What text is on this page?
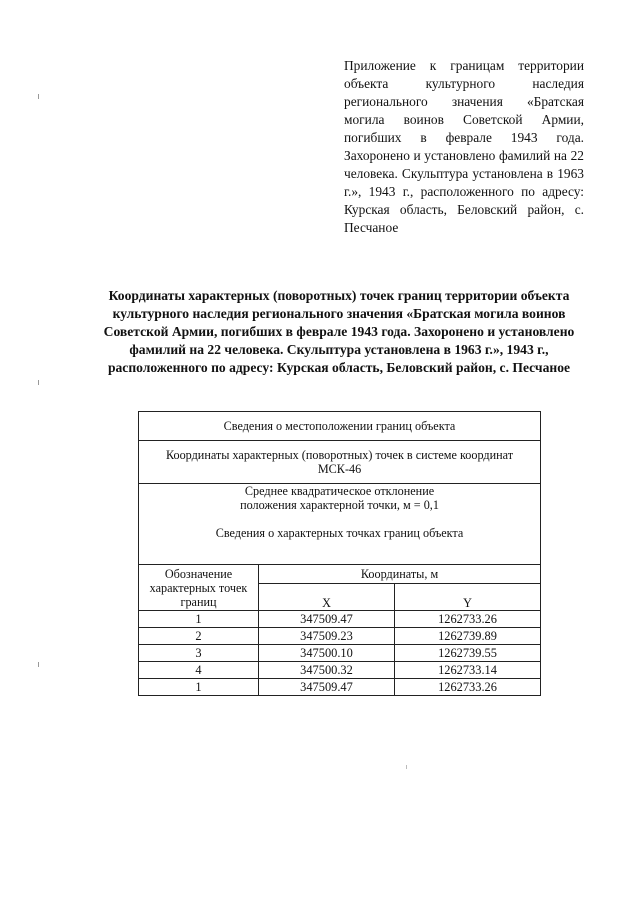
Приложение к границам территории объекта культурного наследия регионального значения «Братская могила воинов Советской Армии, погибших в феврале 1943 года. Захоронено и установлено фамилий на 22 человека. Скульптура установлена в 1963 г.», 1943 г., расположенного по адресу: Курская область, Беловский район, с. Песчаное
Координаты характерных (поворотных) точек границ территории объекта культурного наследия регионального значения «Братская могила воинов Советской Армии, погибших в феврале 1943 года. Захоронено и установлено фамилий на 22 человека. Скульптура установлена в 1963 г.», 1943 г., расположенного по адресу: Курская область, Беловский район, с. Песчаное
Сведения о местоположении границ объекта		
Координаты характерных (поворотных) точек в системе координат МСК-46		

Среднее квадратическое отклонение
положения характерной точки, м = 0,1
Сведения о характерных точках границ объекта		

Обозначение характерных точек границ	Координаты, м	
	X	Y
1	347509.47	1262733.26
2	347509.23	1262739.89
3	347500.10	1262739.55
4	347500.32	1262733.14
1	347509.47	1262733.26
